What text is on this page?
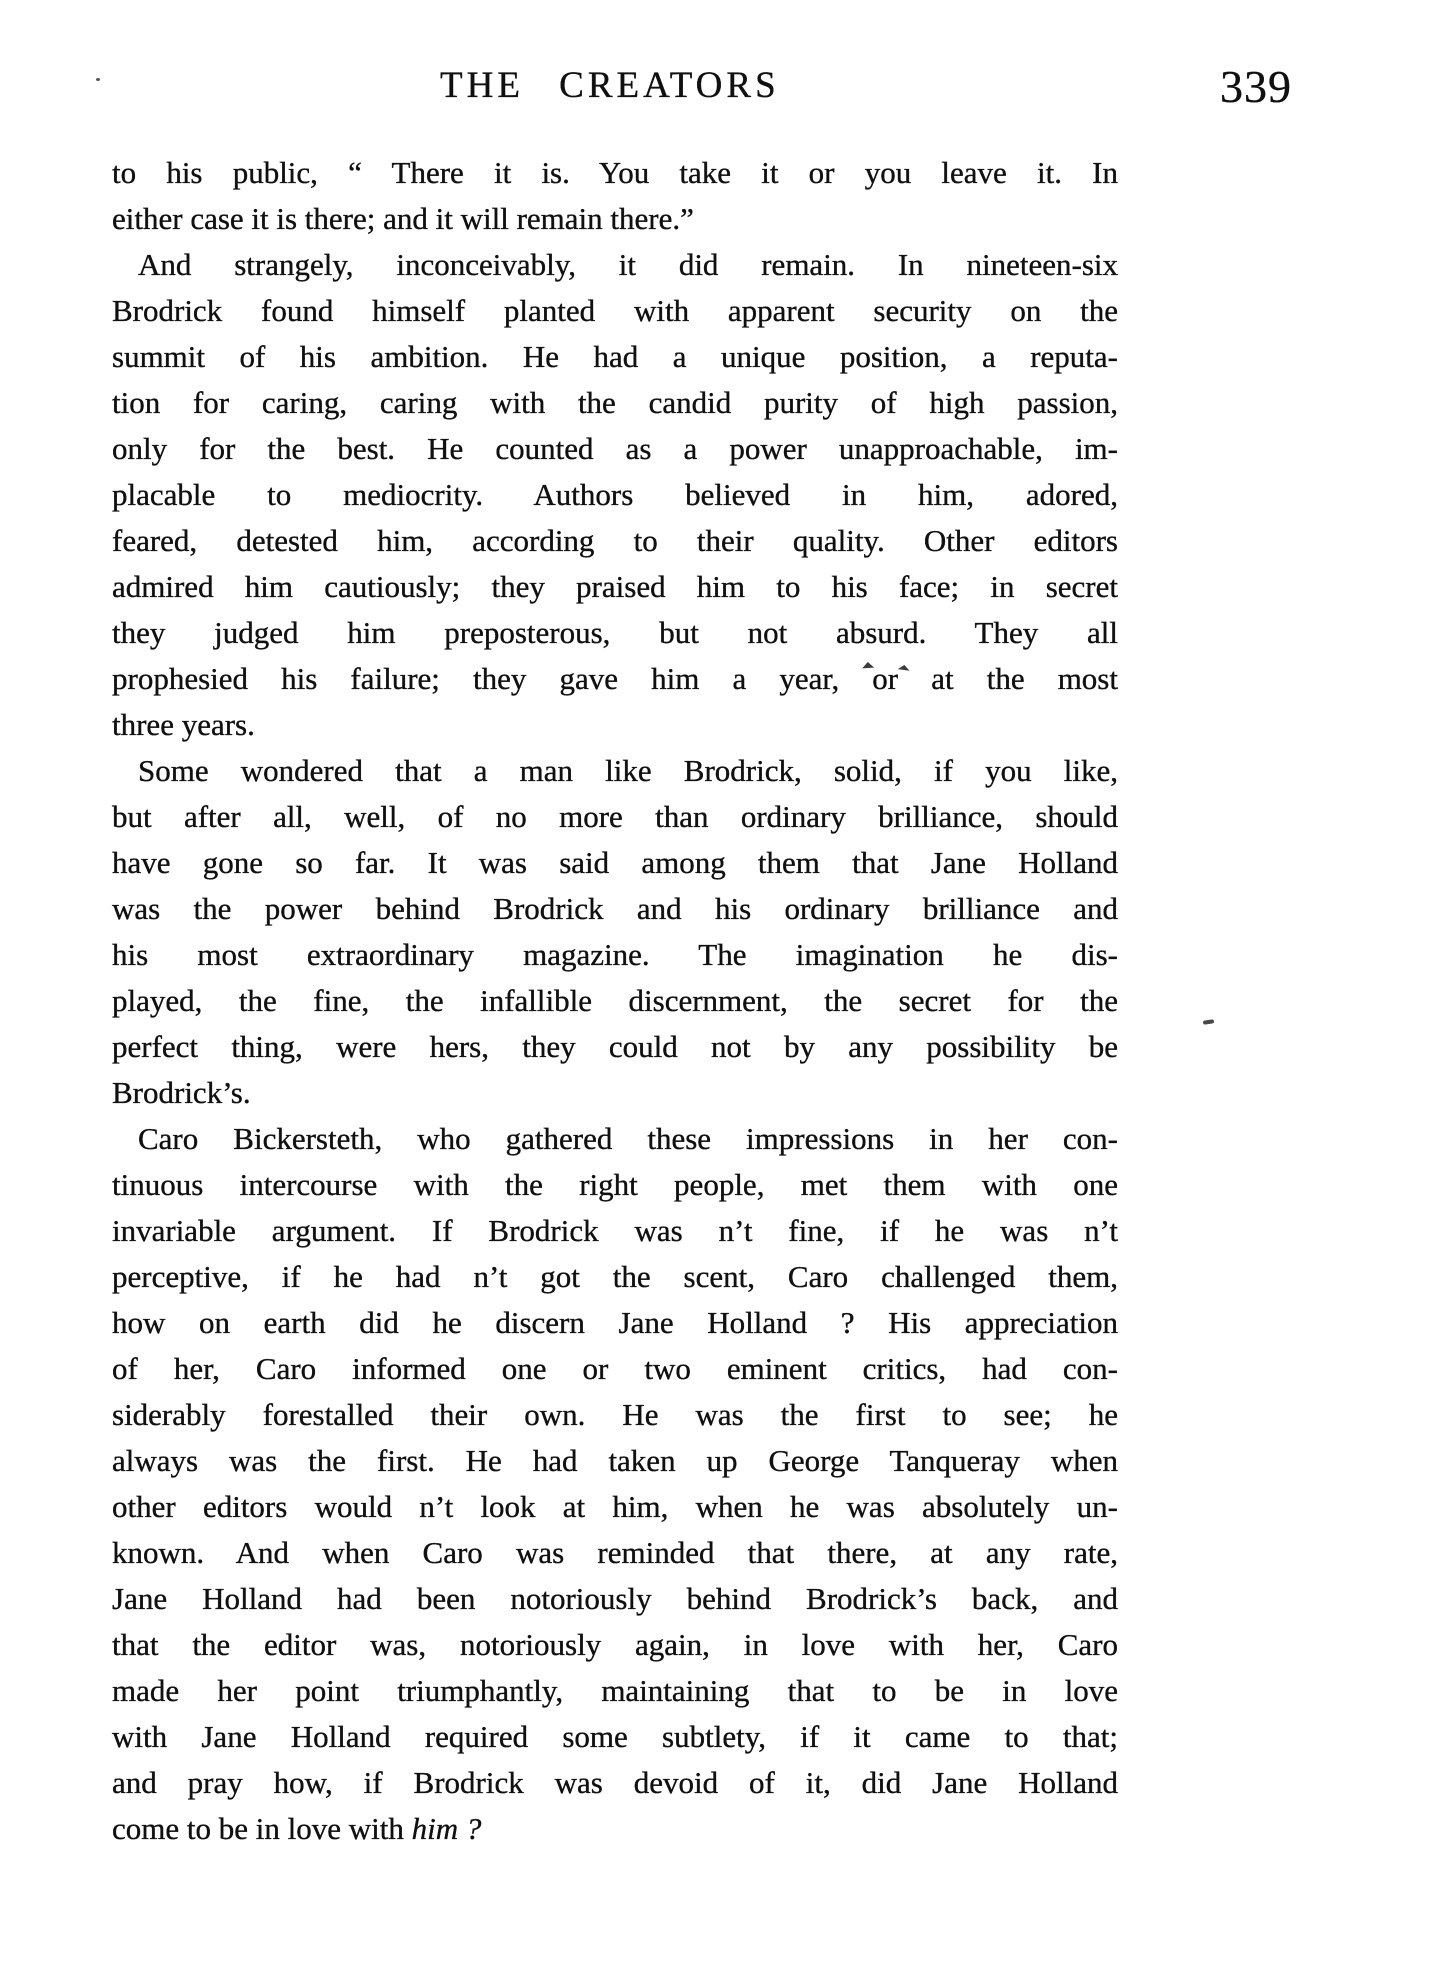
THE CREATORS	339

to his public, “ There it is. You take it or you leave it. In
either case it is there; and it will remain there.”

And strangely, inconceivably, it did remain. In nineteen-six
Brodrick found himself planted with apparent security on the
summit of his ambition. He had a unique position, a reputa-
tion for caring, caring with the candid purity of high passion,
only for the best. He counted as a power unapproachable, im-
placable to mediocrity. Authors believed in him, adored,
feared, detested him, according to their quality. Other editors
admired him cautiously; they praised him to his face; in secret
they judged him preposterous, but not absurd. They all
prophesied his failure; they gave him a year, or at the most
three years.

Some wondered that a man like Brodrick, solid, if you like,
but after all, well, of no more than ordinary brilliance, should
have gone so far. It was said among them that Jane Holland
was the power behind Brodrick and his ordinary brilliance and
his most extraordinary magazine. The imagination he dis-
played, the fine, the infallible discernment, the secret for the
perfect thing, were hers, they could not by any possibility be
Brodrick’s.

Caro Bickersteth, who gathered these impressions in her con-
tinuous intercourse with the right people, met them with one
invariable argument. If Brodrick was n’t fine, if he was n’t
perceptive, if he had n’t got the scent, Caro challenged them,
how on earth did he discern Jane Holland ? His appreciation
of her, Caro informed one or two eminent critics, had con-
siderably forestalled their own. He was the first to see; he
always was the first. He had taken up George Tanqueray when
other editors would n’t look at him, when he was absolutely un-
known. And when Caro was reminded that there, at any rate,
Jane Holland had been notoriously behind Brodrick’s back, and
that the editor was, notoriously again, in love with her, Caro
made her point triumphantly, maintaining that to be in love
with Jane Holland required some subtlety, if it came to that;
and pray how, if Brodrick was devoid of it, did Jane Holland
come to be in love with him ?
